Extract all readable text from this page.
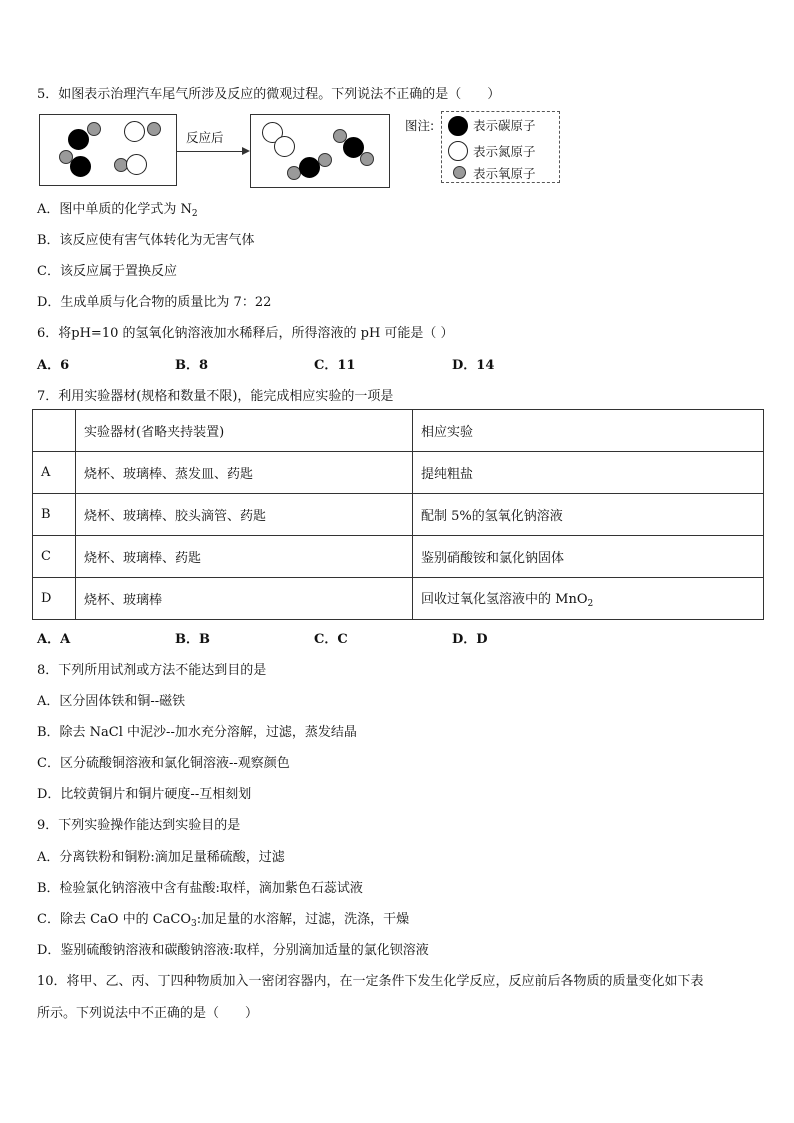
5．如图表示治理汽车尾气所涉及反应的微观过程。下列说法不正确的是（　　）
反应后
图注:	表示碳原子
表示氮原子
表示氧原子
A．图中单质的化学式为 $N_2$
B．该反应使有害气体转化为无害气体
C．该反应属于置换反应
D．生成单质与化合物的质量比为 7：22
6．将pH=10 的氢氧化钠溶液加水稀释后，所得溶液的 pH 可能是（ ）
A．6	B．8	C．11	D．14
7．利用实验器材(规格和数量不限)，能完成相应实验的一项是
	实验器材(省略夹持装置)	相应实验
A	烧杯、玻璃棒、蒸发皿、药匙	提纯粗盐
B	烧杯、玻璃棒、胶头滴管、药匙	配制 5%的氢氧化钠溶液
C	烧杯、玻璃棒、药匙	鉴别硝酸铵和氯化钠固体
D	烧杯、玻璃棒	回收过氧化氢溶液中的 MnO$_2$
A．A	B．B	C．C	D．D
8．下列所用试剂或方法不能达到目的是
A．区分固体铁和铜--磁铁
B．除去 NaCl 中泥沙--加水充分溶解，过滤，蒸发结晶
C．区分硫酸铜溶液和氯化铜溶液--观察颜色
D．比较黄铜片和铜片硬度--互相刻划
9．下列实验操作能达到实验目的是
A．分离铁粉和铜粉:滴加足量稀硫酸，过滤
B．检验氯化钠溶液中含有盐酸:取样，滴加紫色石蕊试液
C．除去 CaO 中的 CaCO$_3$:加足量的水溶解，过滤，洗涤，干燥
D．鉴别硫酸钠溶液和碳酸钠溶液:取样，分别滴加适量的氯化钡溶液
10．将甲、乙、丙、丁四种物质加入一密闭容器内，在一定条件下发生化学反应，反应前后各物质的质量变化如下表
所示。下列说法中不正确的是（　　）
